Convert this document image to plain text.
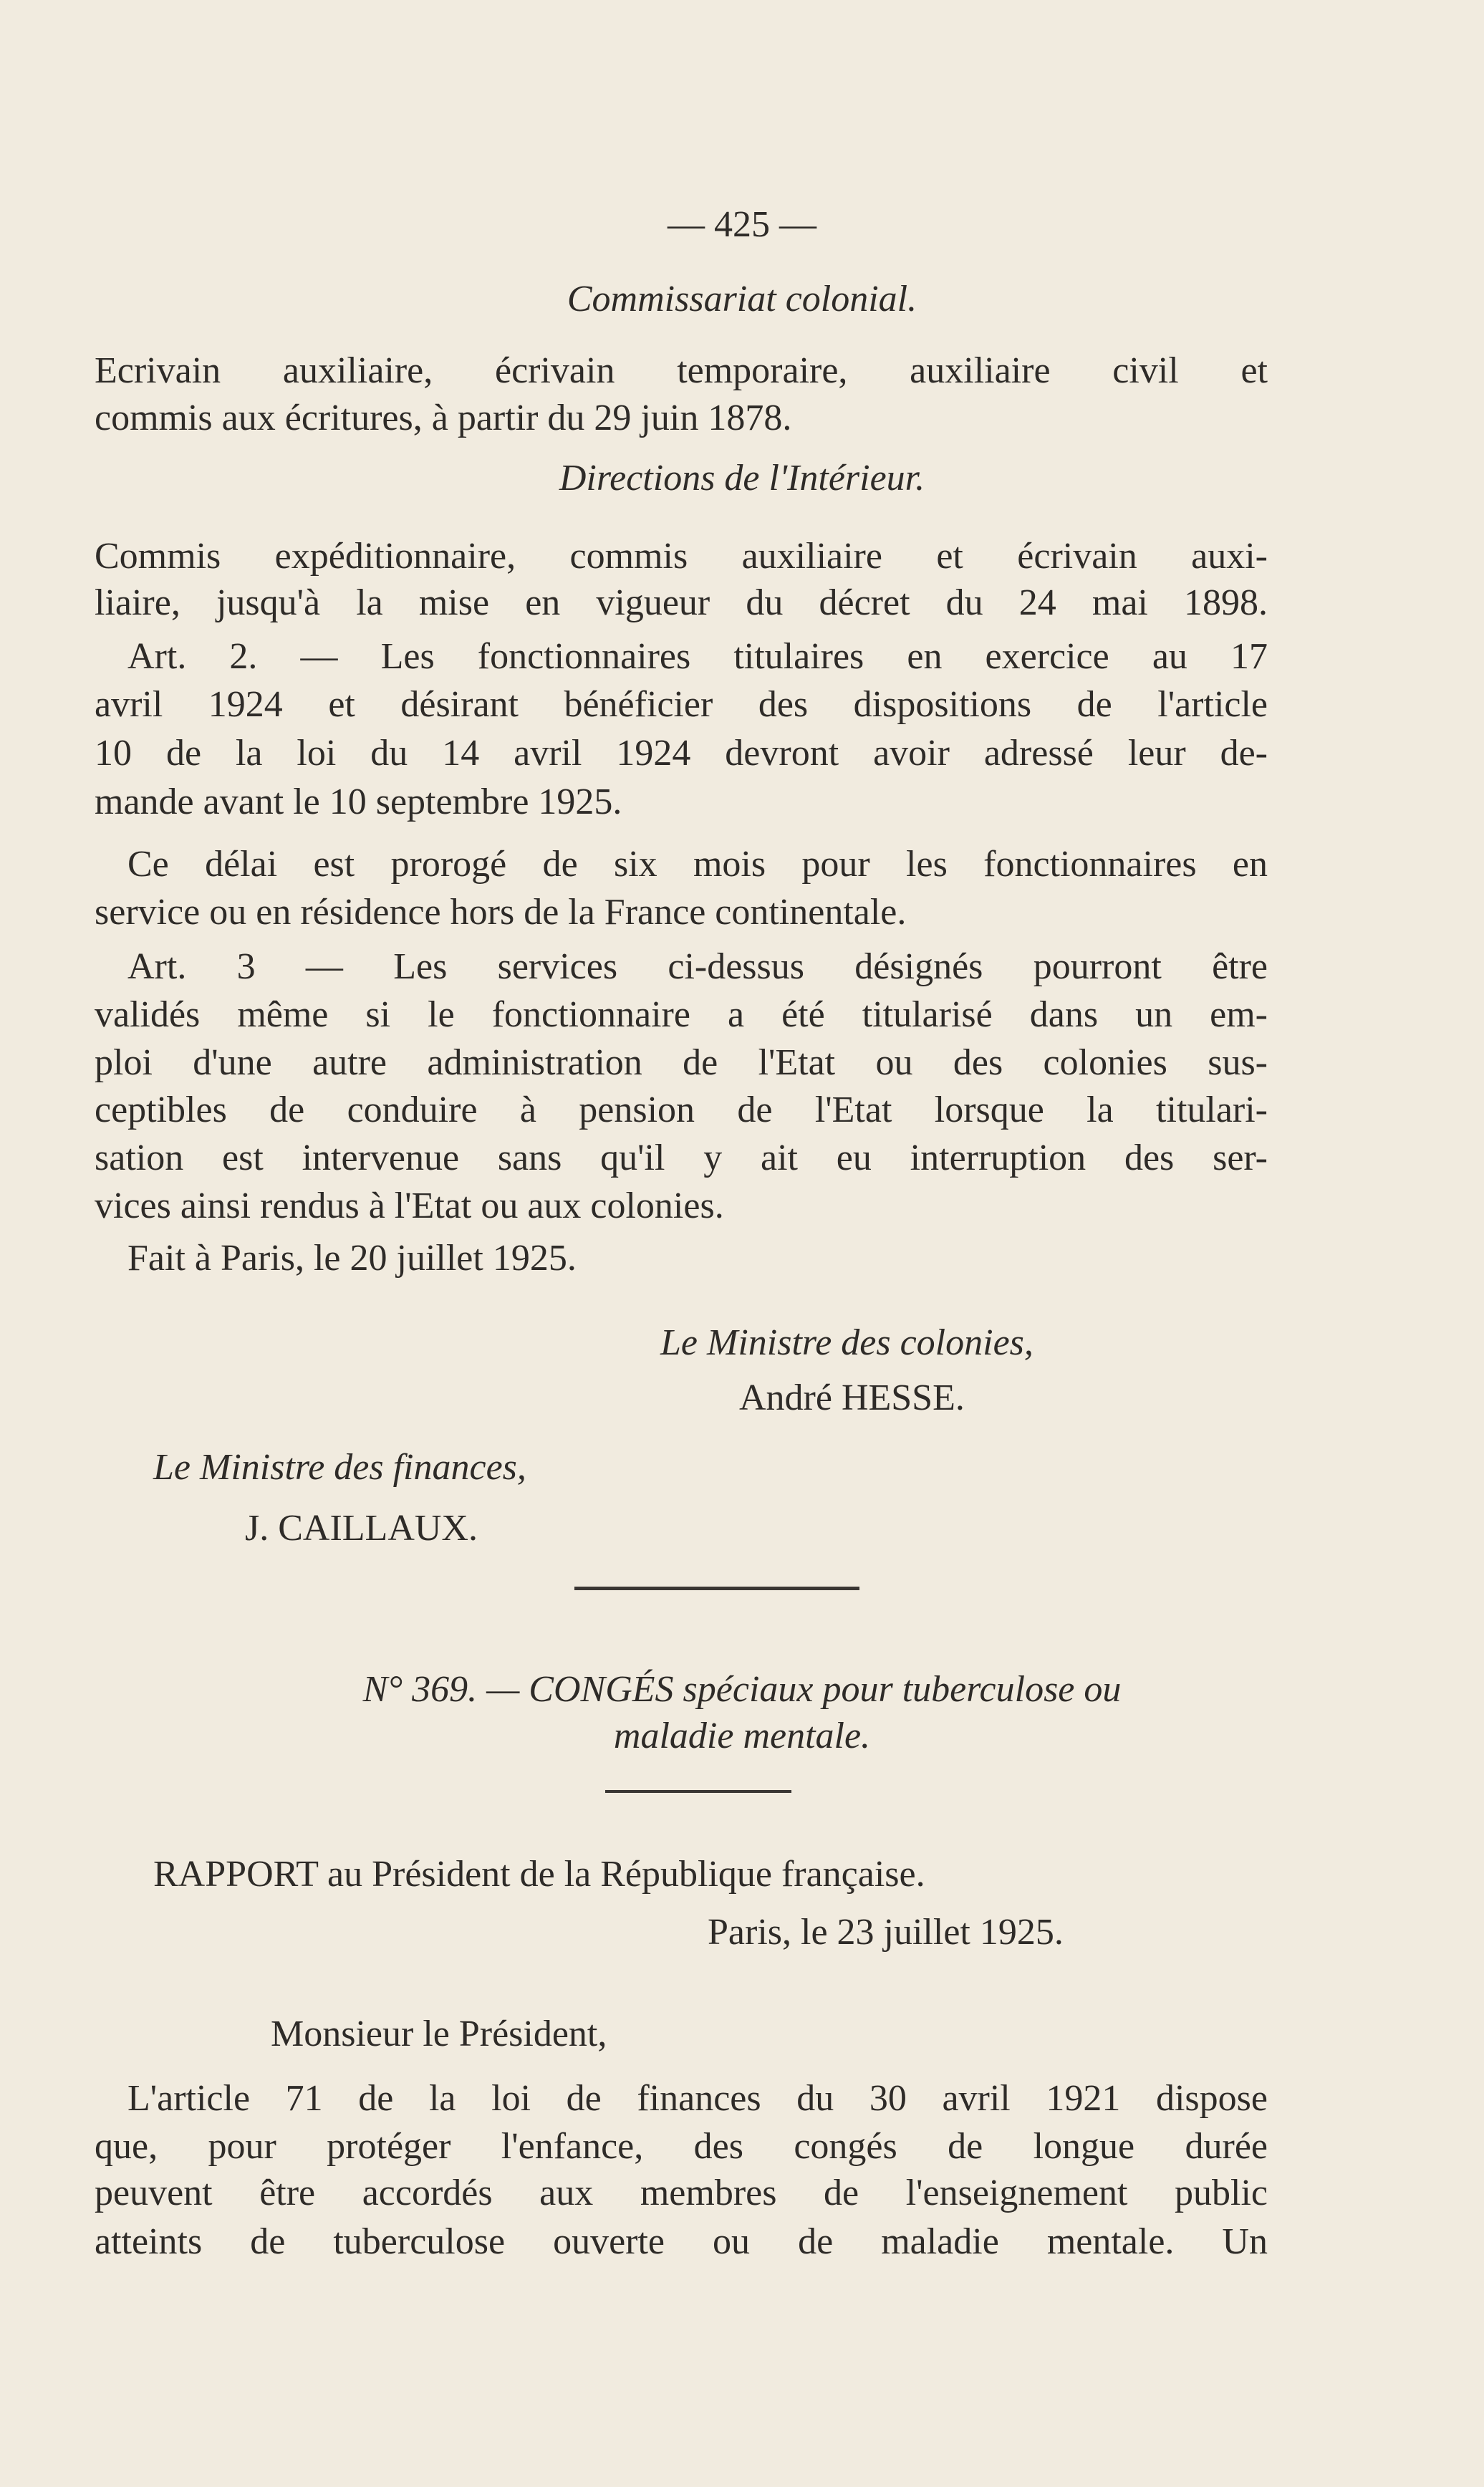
— 425 —
Commissariat colonial.
Ecrivain auxiliaire, écrivain temporaire, auxiliaire civil et
commis aux écritures, à partir du 29 juin 1878.
Directions de l'Intérieur.
Commis expéditionnaire, commis auxiliaire et écrivain auxi-
liaire, jusqu'à la mise en vigueur du décret du 24 mai 1898.
Art. 2. — Les fonctionnaires titulaires en exercice au 17
avril 1924 et désirant bénéficier des dispositions de l'article
10 de la loi du 14 avril 1924 devront avoir adressé leur de-
mande avant le 10 septembre 1925.
Ce délai est prorogé de six mois pour les fonctionnaires en
service ou en résidence hors de la France continentale.
Art. 3 — Les services ci-dessus désignés pourront être
validés même si le fonctionnaire a été titularisé dans un em-
ploi d'une autre administration de l'Etat ou des colonies sus-
ceptibles de conduire à pension de l'Etat lorsque la titulari-
sation est intervenue sans qu'il y ait eu interruption des ser-
vices ainsi rendus à l'Etat ou aux colonies.
Fait à Paris, le 20 juillet 1925.
Le Ministre des colonies,
André HESSE.
Le Ministre des finances,
J. CAILLAUX.
N° 369. — CONGÉS spéciaux pour tuberculose ou
maladie mentale.
RAPPORT au Président de la République française.
Paris, le 23 juillet 1925.
Monsieur le Président,
L'article 71 de la loi de finances du 30 avril 1921 dispose
que, pour protéger l'enfance, des congés de longue durée
peuvent être accordés aux membres de l'enseignement public
atteints de tuberculose ouverte ou de maladie mentale. Un
